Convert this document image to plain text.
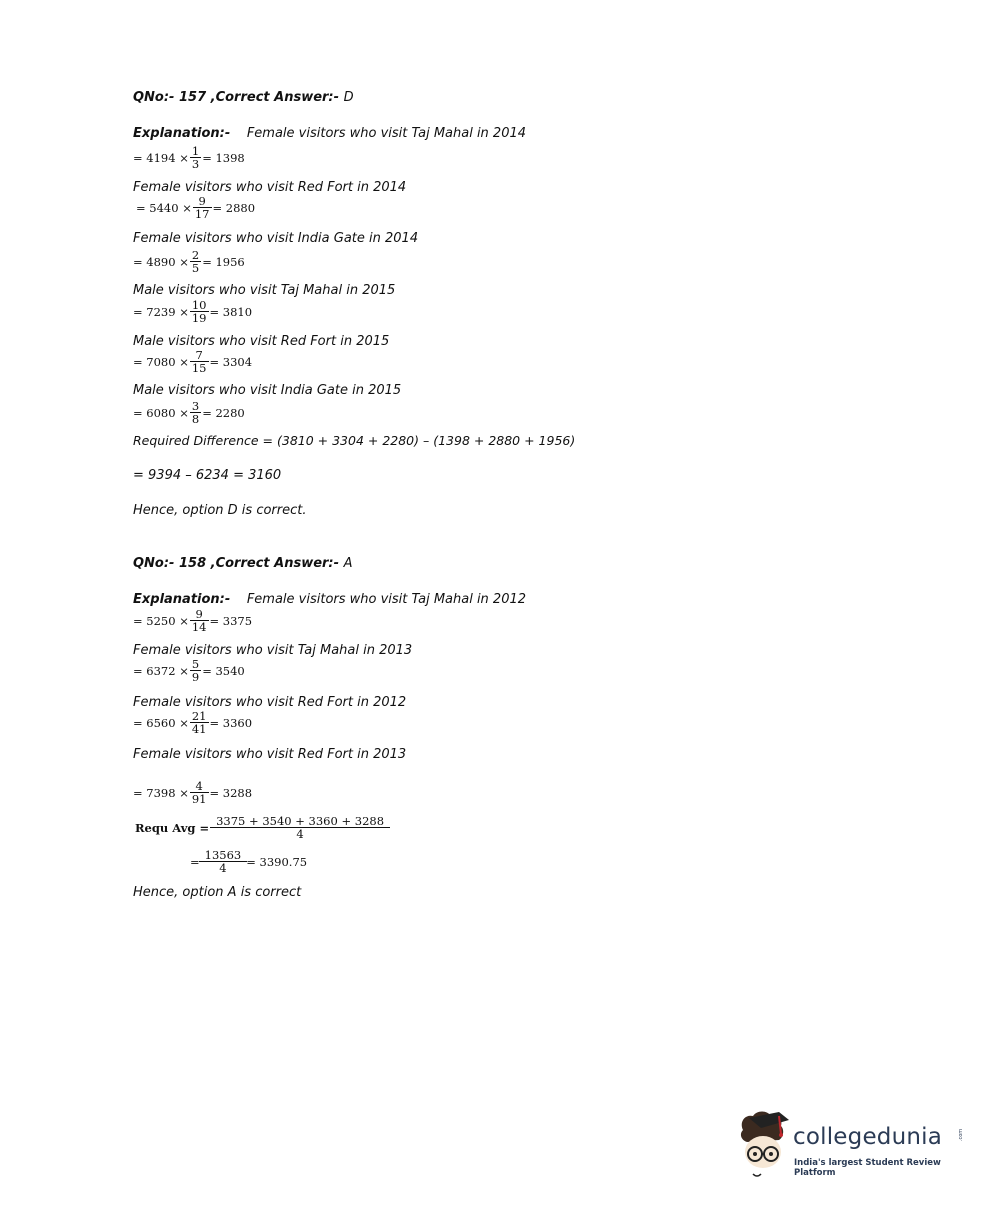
QNo:- 157 ,Correct Answer:- D
Explanation:- Female visitors who visit Taj Mahal in 2014
= $4194 \times \frac{1}{3} = 1398$
Female visitors who visit Red Fort in 2014
= $5440 \times \frac{9}{17} = 2880$
Female visitors who visit India Gate in 2014
= $4890 \times \frac{2}{5} = 1956$
Male visitors who visit Taj Mahal in 2015
= $7239 \times \frac{10}{19} = 3810$
Male visitors who visit Red Fort in 2015
= $7080 \times \frac{7}{15} = 3304$
Male visitors who visit India Gate in 2015
= $6080 \times \frac{3}{8} = 2280$
Required Difference = (3810 + 3304 + 2280) – (1398 + 2880 + 1956)
= 9394 – 6234 = 3160
Hence, option D is correct.
QNo:- 158 ,Correct Answer:- A
Explanation:- Female visitors who visit Taj Mahal in 2012
= $5250 \times \frac{9}{14} = 3375$
Female visitors who visit Taj Mahal in 2013
= $6372 \times \frac{5}{9} = 3540$
Female visitors who visit Red Fort in 2012
= $6560 \times \frac{21}{41} = 3360$
Female visitors who visit Red Fort in 2013
= $7398 \times \frac{4}{91} = 3288$
Requ Avg = $\frac{3375 + 3540 + 3360 + 3288}{4}$
= $\frac{13563}{4} = 3390.75$
Hence, option A is correct
collegedunia	.com
India's largest Student Review Platform
